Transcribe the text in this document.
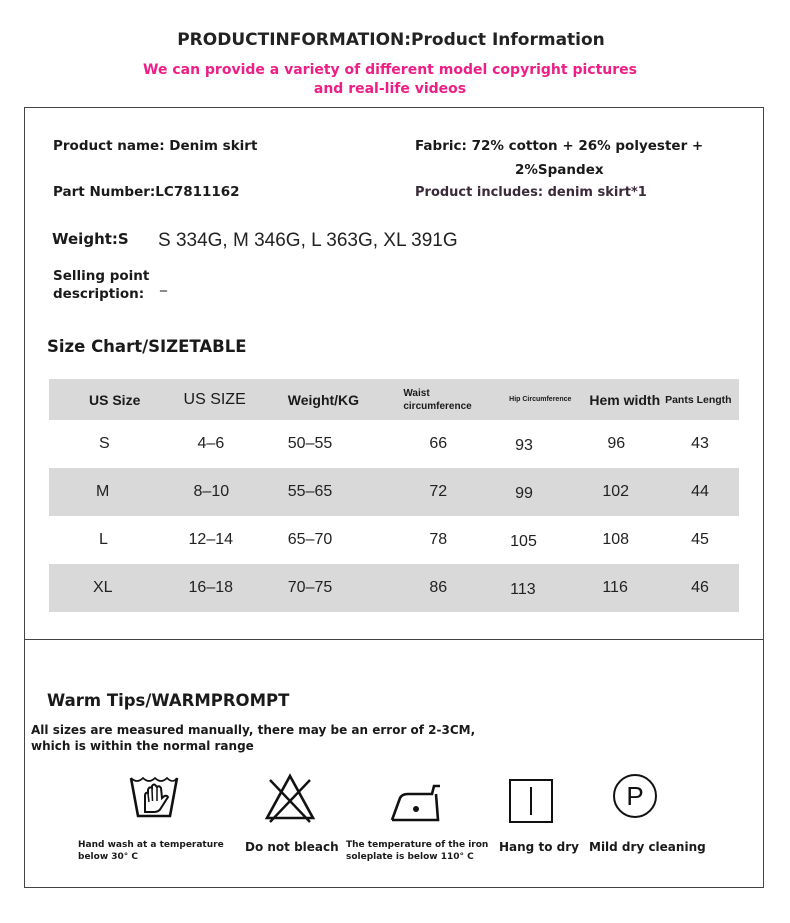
PRODUCTINFORMATION:Product Information
We can provide a variety of different model copyright pictures and real-life videos
Product name: Denim skirt
Part Number:LC7811162
Fabric: 72% cotton + 26% polyester +
2%Spandex
Product includes: denim skirt*1
Weight:S S 334G, M 346G, L 363G, XL 391G
Selling point
description:
_
Size Chart/SIZETABLE
US Size	US SIZE	Weight/KG	Waist circumference	Hip Circumference	Hem width	Pants Length
S	4–6	50–55	66	93	96	43
M	8–10	55–65	72	99	102	44
L	12–14	65–70	78	105	108	45
XL	16–18	70–75	86	113	116	46
Warm Tips/WARMPROMPT
All sizes are measured manually, there may be an error of 2-3CM,
which is within the normal range
P
Hand wash at a temperature
below 30° C
Do not bleach The temperature of the iron
soleplate is below 110° C
Hang to dry Mild dry cleaning
